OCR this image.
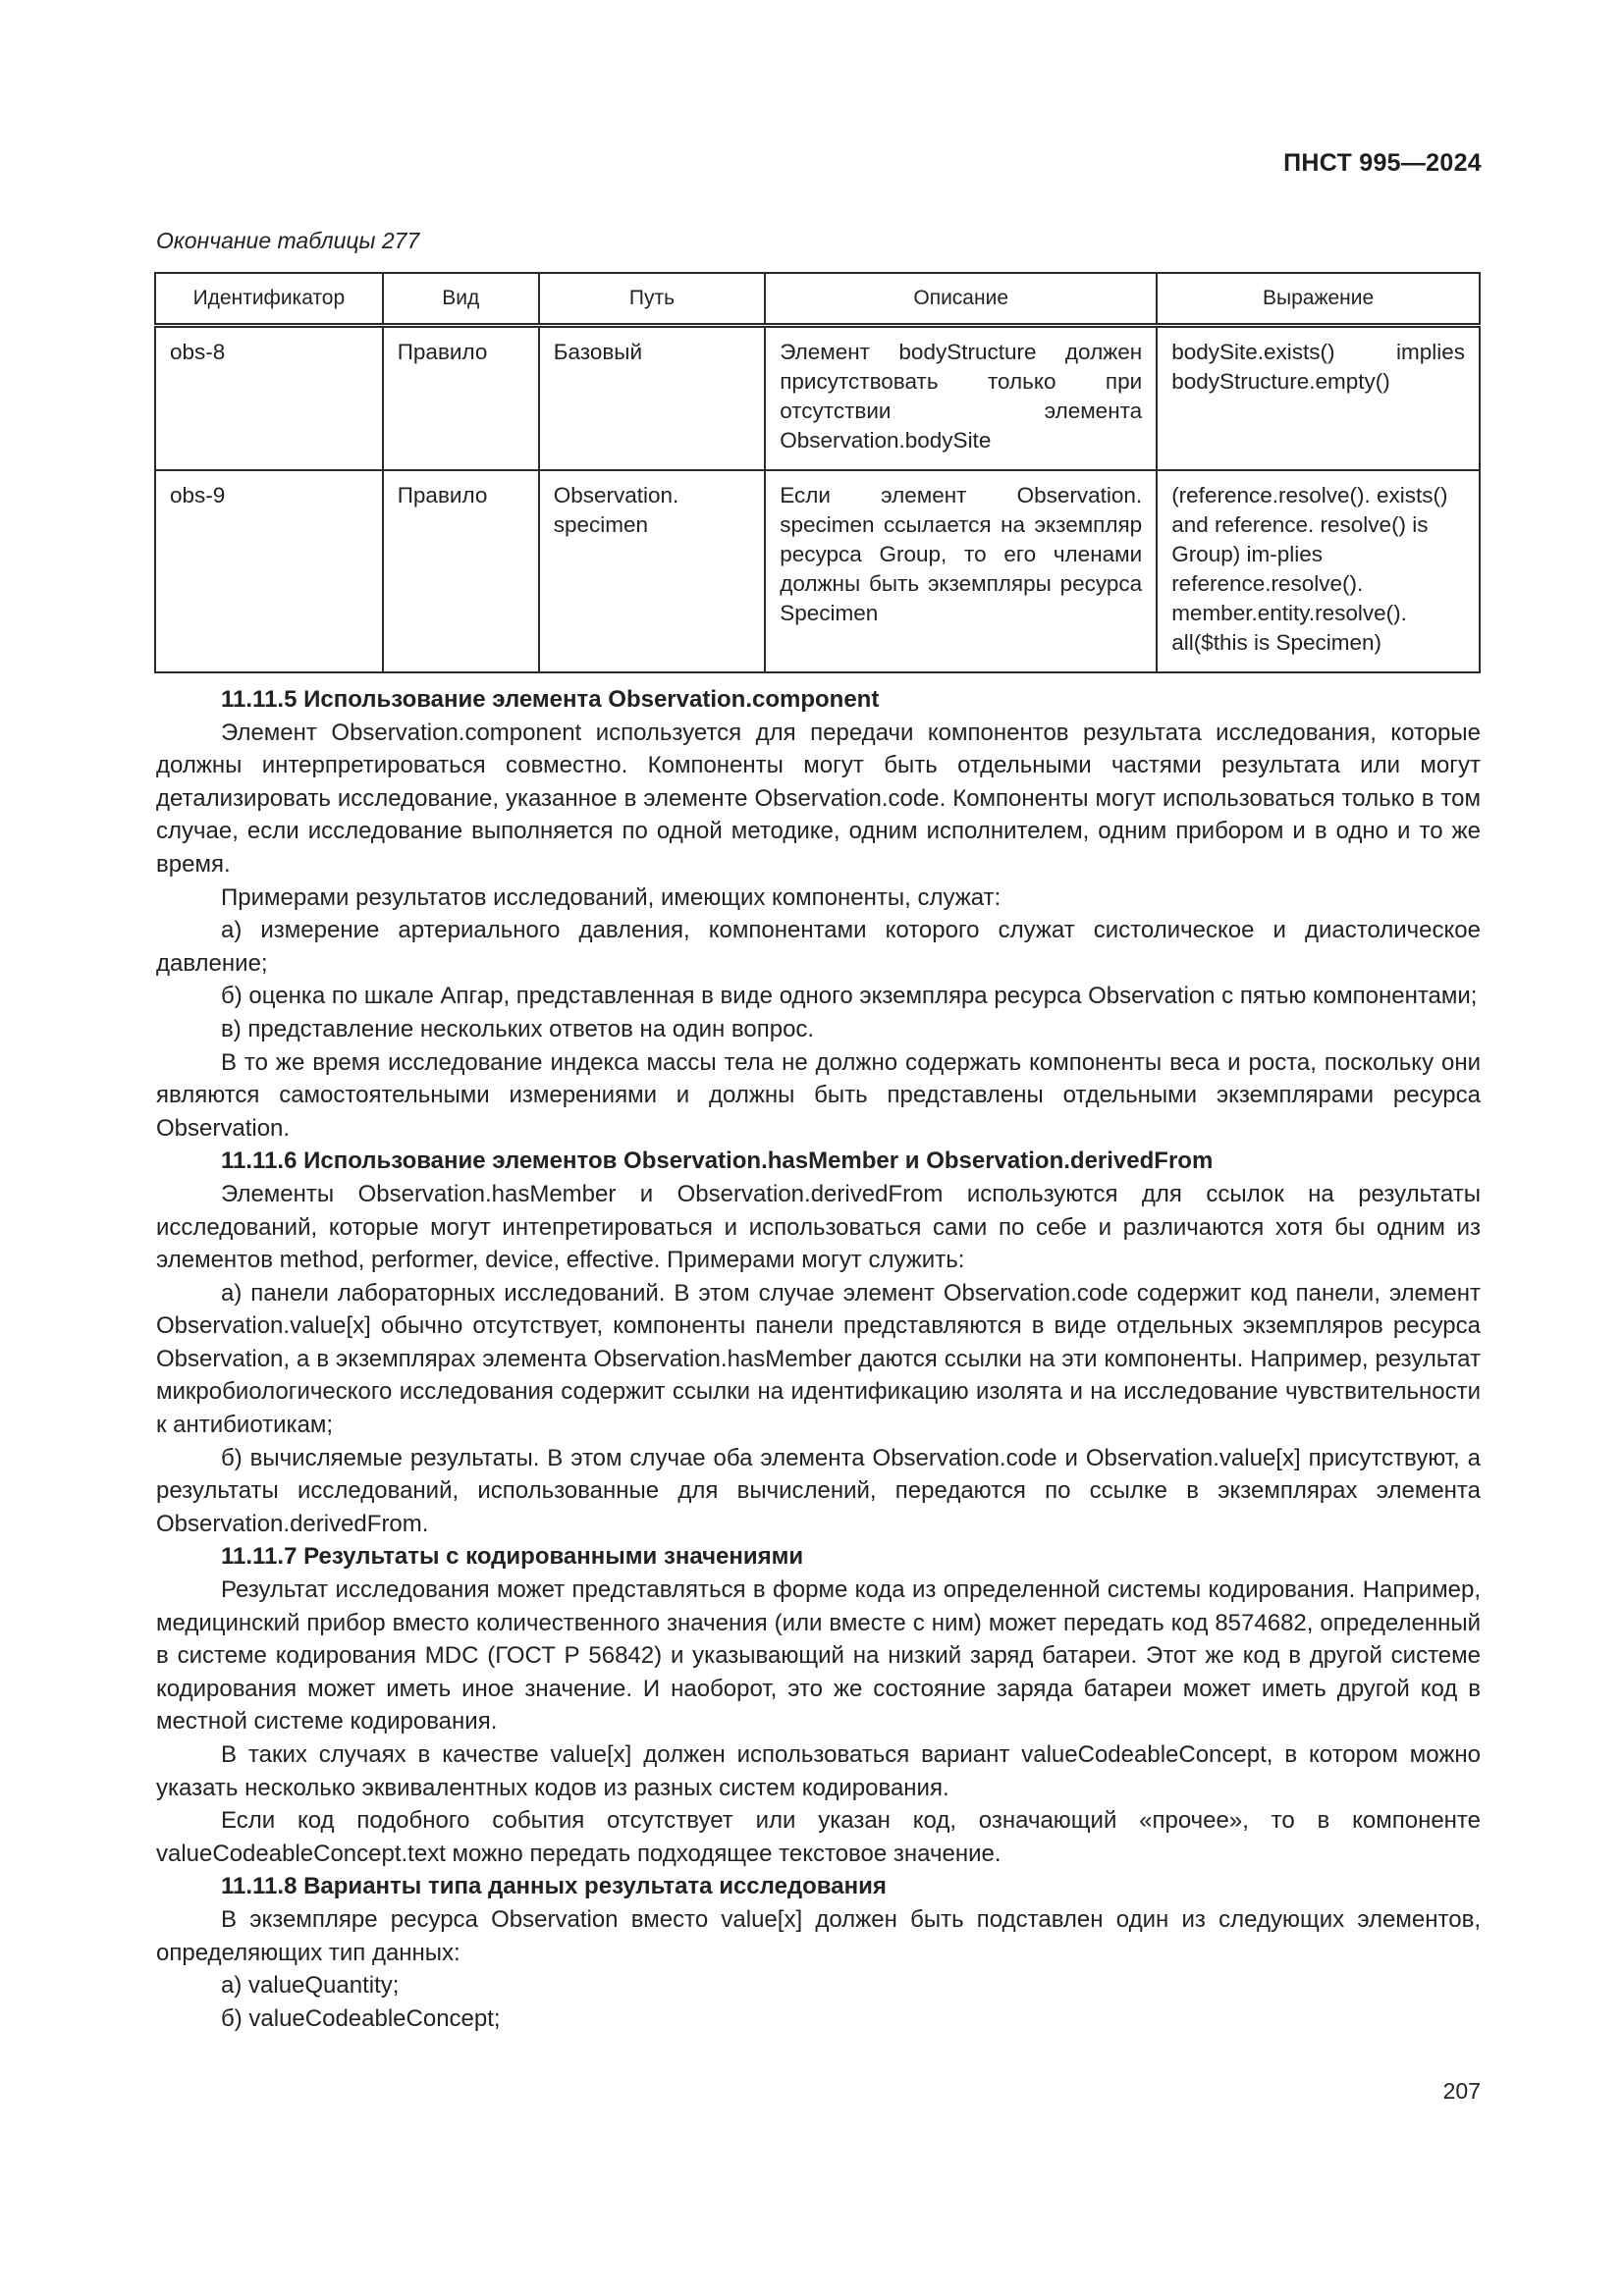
ПНСТ 995—2024
Окончание таблицы 277
Идентификатор	Вид	Путь	Описание	Выражение
obs-8	Правило	Базовый	Элемент bodyStructure должен присутствовать только при отсутствии элемента Observation.bodySite	bodySite.exists() implies bodyStructure.empty()
obs-9	Правило	Observation. specimen	Если элемент Observation. specimen ссылается на экземпляр ресурса Group, то его членами должны быть экземпляры ресурса Specimen	(reference.resolve(). exists() and reference. resolve() is Group) im-plies reference.resolve(). member.entity.resolve(). all($this is Specimen)
11.11.5 Использование элемента Observation.component

Элемент Observation.component используется для передачи компонентов результата исследования, которые должны интерпретироваться совместно. Компоненты могут быть отдельными частями результата или могут детализировать исследование, указанное в элементе Observation.code. Компоненты могут использоваться только в том случае, если исследование выполняется по одной методике, одним исполнителем, одним прибором и в одно и то же время.

Примерами результатов исследований, имеющих компоненты, служат:

а) измерение артериального давления, компонентами которого служат систолическое и диастолическое давление;

б) оценка по шкале Апгар, представленная в виде одного экземпляра ресурса Observation с пятью компонентами;

в) представление нескольких ответов на один вопрос.

В то же время исследование индекса массы тела не должно содержать компоненты веса и роста, поскольку они являются самостоятельными измерениями и должны быть представлены отдельными экземплярами ресурса Observation.

11.11.6 Использование элементов Observation.hasMember и Observation.derivedFrom

Элементы Observation.hasMember и Observation.derivedFrom используются для ссылок на результаты исследований, которые могут интепретироваться и использоваться сами по себе и различаются хотя бы одним из элементов method, performer, device, effective. Примерами могут служить:

а) панели лабораторных исследований. В этом случае элемент Observation.code содержит код панели, элемент Observation.value[x] обычно отсутствует, компоненты панели представляются в виде отдельных экземпляров ресурса Observation, а в экземплярах элемента Observation.hasMember даются ссылки на эти компоненты. Например, результат микробиологического исследования содержит ссылки на идентификацию изолята и на исследование чувствительности к антибиотикам;

б) вычисляемые результаты. В этом случае оба элемента Observation.code и Observation.value[x] присутствуют, а результаты исследований, использованные для вычислений, передаются по ссылке в экземплярах элемента Observation.derivedFrom.

11.11.7 Результаты с кодированными значениями

Результат исследования может представляться в форме кода из определенной системы кодирования. Например, медицинский прибор вместо количественного значения (или вместе с ним) может передать код 8574682, определенный в системе кодирования MDC (ГОСТ Р 56842) и указывающий на низкий заряд батареи. Этот же код в другой системе кодирования может иметь иное значение. И наоборот, это же состояние заряда батареи может иметь другой код в местной системе кодирования.

В таких случаях в качестве value[x] должен использоваться вариант valueCodeableConcept, в котором можно указать несколько эквивалентных кодов из разных систем кодирования.

Если код подобного события отсутствует или указан код, означающий «прочее», то в компоненте valueCodeableConcept.text можно передать подходящее текстовое значение.

11.11.8 Варианты типа данных результата исследования

В экземпляре ресурса Observation вместо value[x] должен быть подставлен один из следующих элементов, определяющих тип данных:

а) valueQuantity;

б) valueCodeableConcept;

207
